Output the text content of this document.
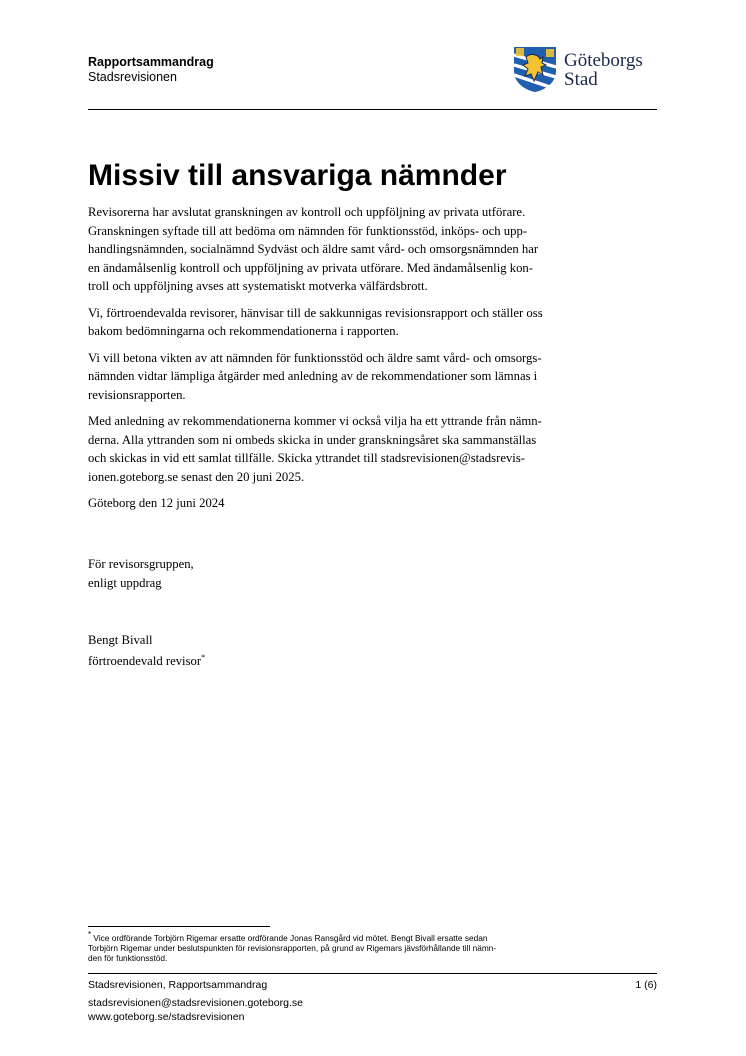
Rapportsammandrag
Stadsrevisionen
Göteborgs
Stad
Missiv till ansvariga nämnder

Revisorerna har avslutat granskningen av kontroll och uppföljning av privata utförare.
Granskningen syftade till att bedöma om nämnden för funktionsstöd, inköps- och upp-
handlingsnämnden, socialnämnd Sydväst och äldre samt vård- och omsorgsnämnden har
en ändamålsenlig kontroll och uppföljning av privata utförare. Med ändamålsenlig kon-
troll och uppföljning avses att systematiskt motverka välfärdsbrott.

Vi, förtroendevalda revisorer, hänvisar till de sakkunnigas revisionsrapport och ställer oss
bakom bedömningarna och rekommendationerna i rapporten.

Vi vill betona vikten av att nämnden för funktionsstöd och äldre samt vård- och omsorgs-
nämnden vidtar lämpliga åtgärder med anledning av de rekommendationer som lämnas i
revisionsrapporten.

Med anledning av rekommendationerna kommer vi också vilja ha ett yttrande från nämn-
derna. Alla yttranden som ni ombeds skicka in under granskningsåret ska sammanställas
och skickas in vid ett samlat tillfälle. Skicka yttrandet till stadsrevisionen@stadsrevis-
ionen.goteborg.se senast den 20 juni 2025.

Göteborg den 12 juni 2024

För revisorsgruppen,
enligt uppdrag
Bengt Bivall
förtroendevald revisor*
* Vice ordförande Torbjörn Rigemar ersatte ordförande Jonas Ransgård vid mötet. Bengt Bivall ersatte sedan
Torbjörn Rigemar under beslutspunkten för revisionsrapporten, på grund av Rigemars jävsförhållande till nämn-
den för funktionsstöd.
Stadsrevisionen, Rapportsammandrag	1 (6)
stadsrevisionen@stadsrevisionen.goteborg.se
www.goteborg.se/stadsrevisionen
